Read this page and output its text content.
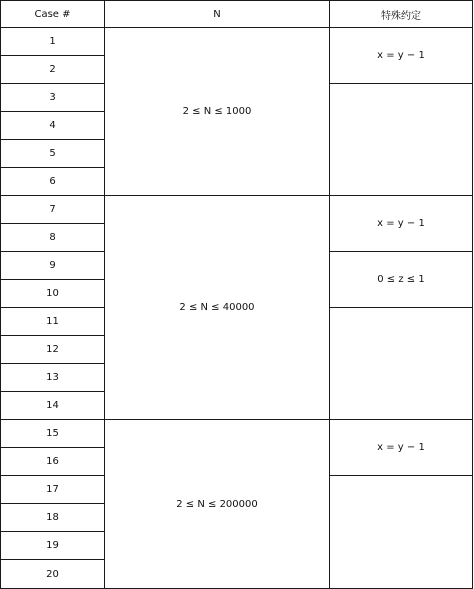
Case #	N	特殊约定
1	2 ≤ N ≤ 1000	x = y − 1
2		
3		
4		
5		
6		
7	2 ≤ N ≤ 40000	x = y − 1
8		
9		0 ≤ z ≤ 1
10		
11		
12		
13		
14		
15	2 ≤ N ≤ 200000	x = y − 1
16		
17		
18		
19		
20		
